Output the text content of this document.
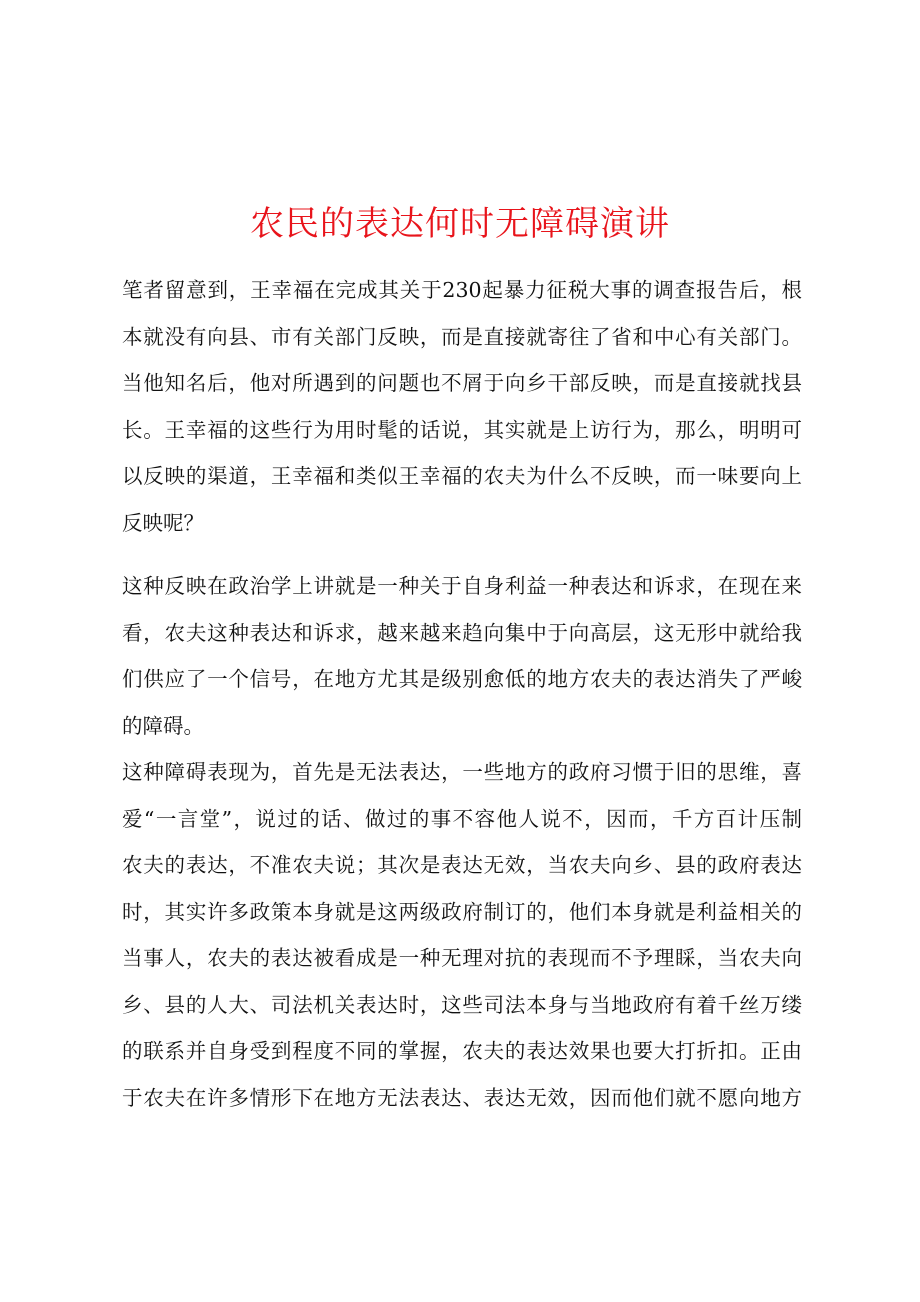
农民的表达何时无障碍演讲
笔者留意到，王幸福在完成其关于230起暴力征税大事的调查报告后，根
本就没有向县、市有关部门反映，而是直接就寄往了省和中心有关部门。
当他知名后，他对所遇到的问题也不屑于向乡干部反映，而是直接就找县
长。王幸福的这些行为用时髦的话说，其实就是上访行为，那么，明明可
以反映的渠道，王幸福和类似王幸福的农夫为什么不反映，而一味要向上
反映呢？
这种反映在政治学上讲就是一种关于自身利益一种表达和诉求，在现在来
看，农夫这种表达和诉求，越来越来趋向集中于向高层，这无形中就给我
们供应了一个信号，在地方尤其是级别愈低的地方农夫的表达消失了严峻
的障碍。
这种障碍表现为，首先是无法表达，一些地方的政府习惯于旧的思维，喜
爱“一言堂”，说过的话、做过的事不容他人说不，因而，千方百计压制
农夫的表达，不准农夫说；其次是表达无效，当农夫向乡、县的政府表达
时，其实许多政策本身就是这两级政府制订的，他们本身就是利益相关的
当事人，农夫的表达被看成是一种无理对抗的表现而不予理睬，当农夫向
乡、县的人大、司法机关表达时，这些司法本身与当地政府有着千丝万缕
的联系并自身受到程度不同的掌握，农夫的表达效果也要大打折扣。正由
于农夫在许多情形下在地方无法表达、表达无效，因而他们就不愿向地方
